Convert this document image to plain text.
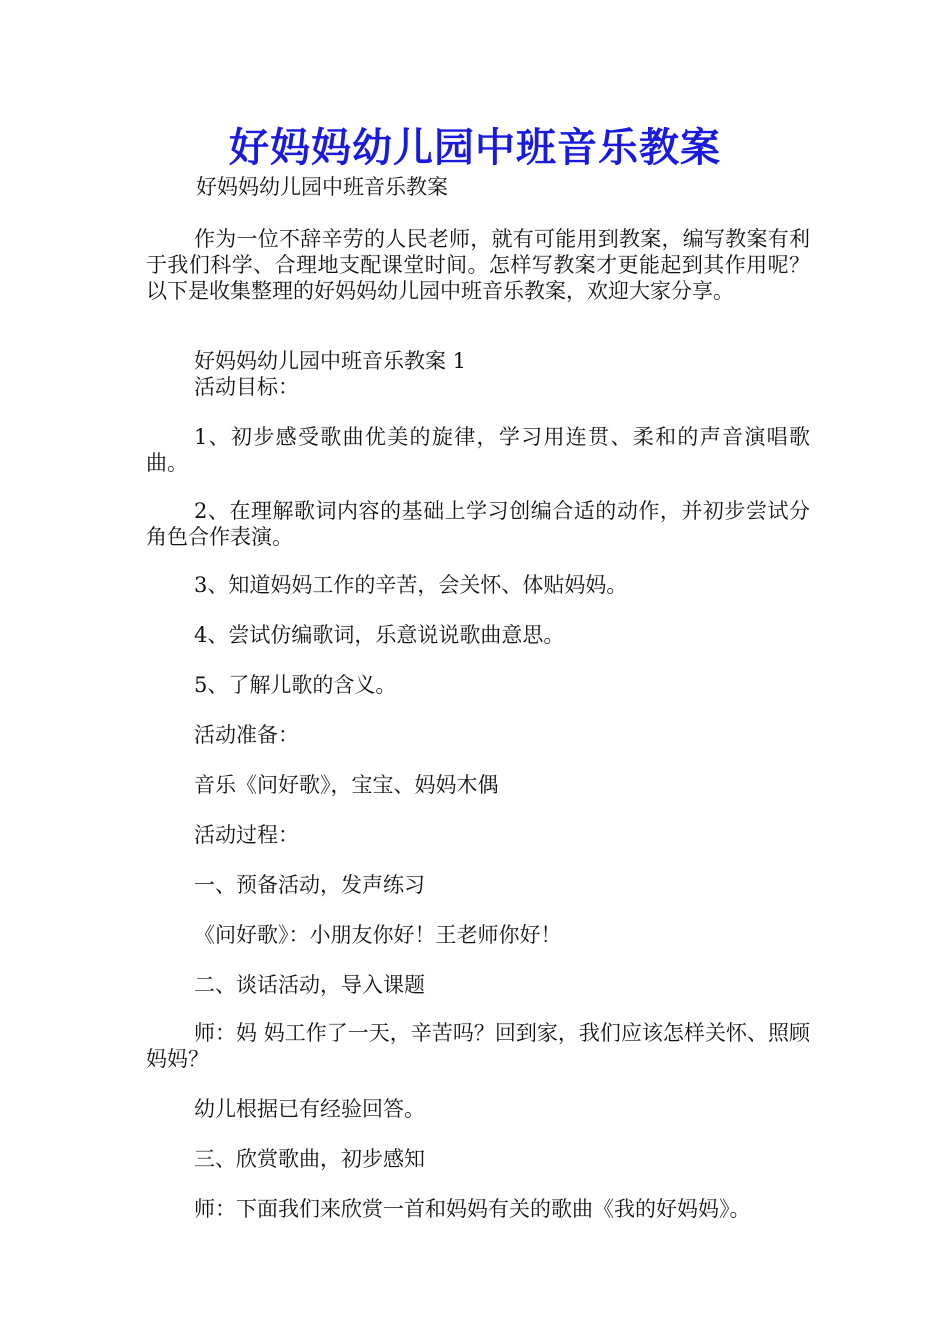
好妈妈幼儿园中班音乐教案

好妈妈幼儿园中班音乐教案

作为一位不辞辛劳的人民老师，就有可能用到教案，编写教案有利于我们科学、合理地支配课堂时间。怎样写教案才更能起到其作用呢？以下是收集整理的好妈妈幼儿园中班音乐教案，欢迎大家分享。

好妈妈幼儿园中班音乐教案 1

活动目标：

1、初步感受歌曲优美的旋律，学习用连贯、柔和的声音演唱歌曲。

2、在理解歌词内容的基础上学习创编合适的动作，并初步尝试分角色合作表演。

3、知道妈妈工作的辛苦，会关怀、体贴妈妈。

4、尝试仿编歌词，乐意说说歌曲意思。

5、了解儿歌的含义。

活动准备：

音乐《问好歌》，宝宝、妈妈木偶

活动过程：

一、预备活动，发声练习

《问好歌》：小朋友你好！王老师你好！

二、谈话活动，导入课题

师：妈 妈工作了一天，辛苦吗？回到家，我们应该怎样关怀、照顾妈妈？

幼儿根据已有经验回答。

三、欣赏歌曲，初步感知

师：下面我们来欣赏一首和妈妈有关的歌曲《我的好妈妈》。
